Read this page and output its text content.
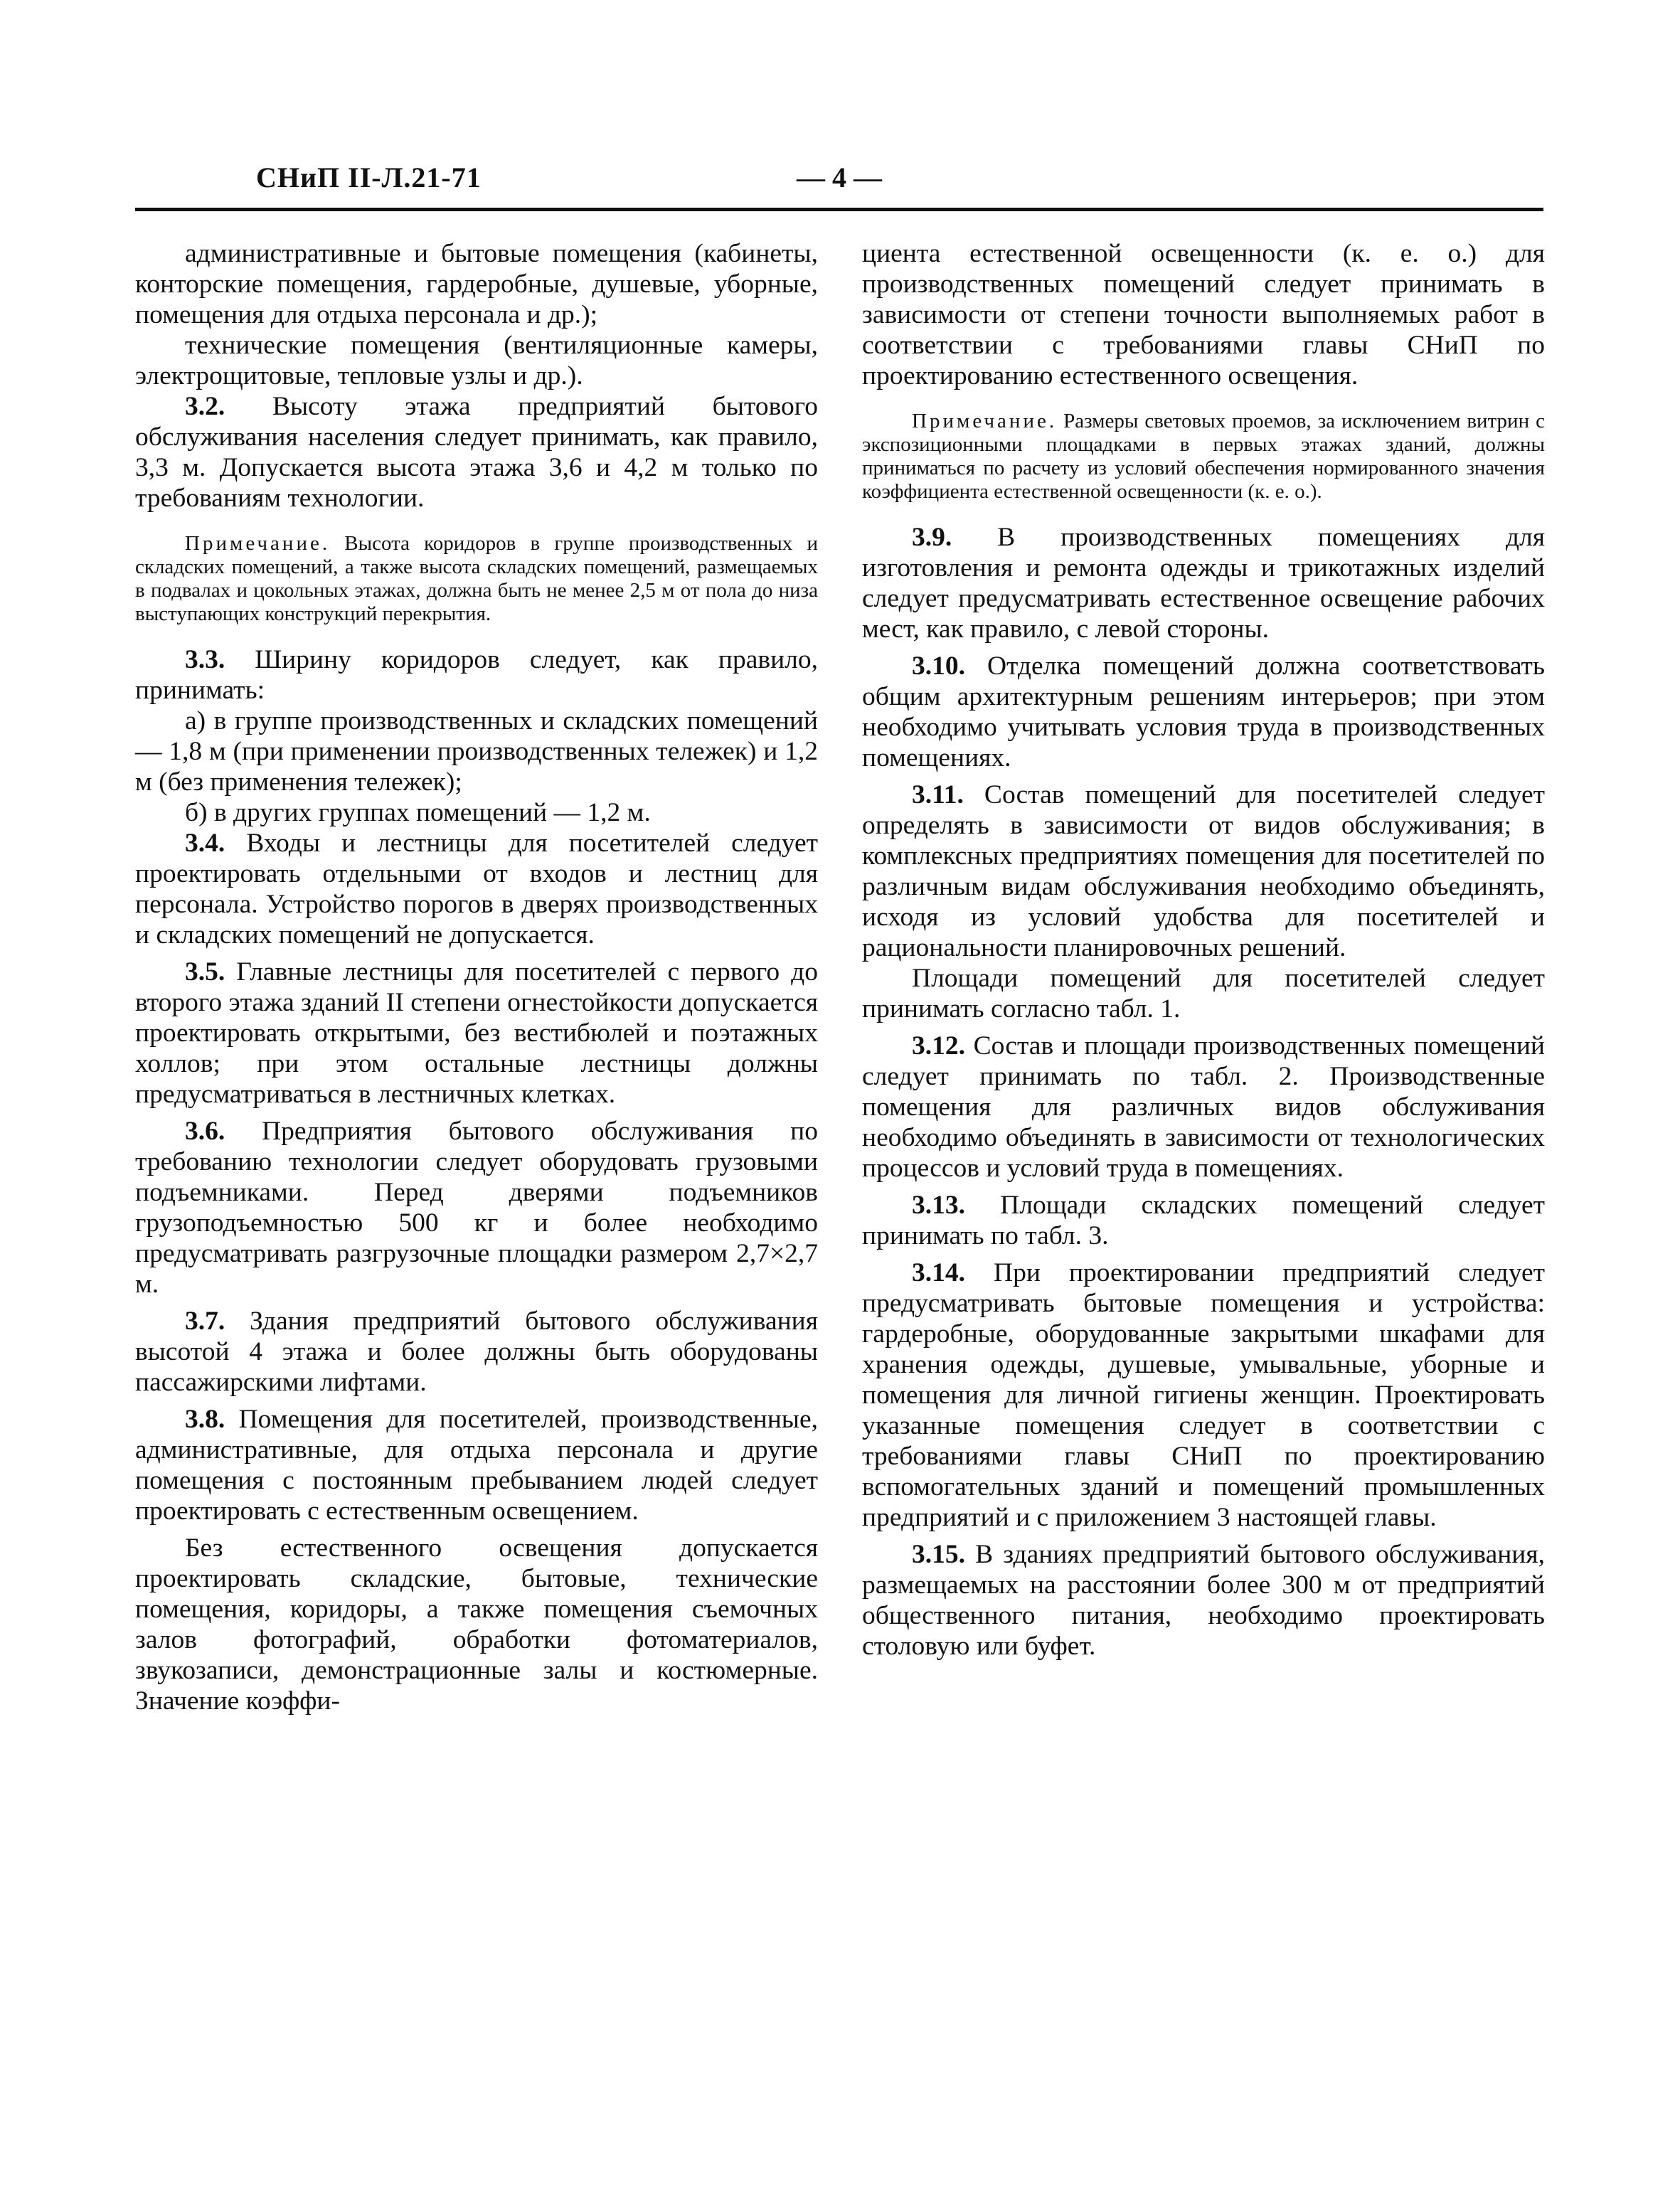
СНиП II-Л.21-71	— 4 —

административные и бытовые помещения (кабинеты, конторские помещения, гардеробные, душевые, уборные, помещения для отдыха персонала и др.);

технические помещения (вентиляционные камеры, электрощитовые, тепловые узлы и др.).

3.2. Высоту этажа предприятий бытового обслуживания населения следует принимать, как правило, 3,3 м. Допускается высота этажа 3,6 и 4,2 м только по требованиям технологии.

Примечание. Высота коридоров в группе производственных и складских помещений, а также высота складских помещений, размещаемых в подвалах и цокольных этажах, должна быть не менее 2,5 м от пола до низа выступающих конструкций перекрытия.

3.3. Ширину коридоров следует, как правило, принимать:

а) в группе производственных и складских помещений — 1,8 м (при применении производственных тележек) и 1,2 м (без применения тележек);

б) в других группах помещений — 1,2 м.

3.4. Входы и лестницы для посетителей следует проектировать отдельными от входов и лестниц для персонала. Устройство порогов в дверях производственных и складских помещений не допускается.

3.5. Главные лестницы для посетителей с первого до второго этажа зданий II степени огнестойкости допускается проектировать открытыми, без вестибюлей и поэтажных холлов; при этом остальные лестницы должны предусматриваться в лестничных клетках.

3.6. Предприятия бытового обслуживания по требованию технологии следует оборудовать грузовыми подъемниками. Перед дверями подъемников грузоподъемностью 500 кг и более необходимо предусматривать разгрузочные площадки размером 2,7×2,7 м.

3.7. Здания предприятий бытового обслуживания высотой 4 этажа и более должны быть оборудованы пассажирскими лифтами.

3.8. Помещения для посетителей, производственные, административные, для отдыха персонала и другие помещения с постоянным пребыванием людей следует проектировать с естественным освещением.

Без естественного освещения допускается проектировать складские, бытовые, технические помещения, коридоры, а также помещения съемочных залов фотографий, обработки фотоматериалов, звукозаписи, демонстрационные залы и костюмерные. Значение коэффи-

циента естественной освещенности (к. е. о.) для производственных помещений следует принимать в зависимости от степени точности выполняемых работ в соответствии с требованиями главы СНиП по проектированию естественного освещения.

Примечание. Размеры световых проемов, за исключением витрин с экспозиционными площадками в первых этажах зданий, должны приниматься по расчету из условий обеспечения нормированного значения коэффициента естественной освещенности (к. е. о.).

3.9. В производственных помещениях для изготовления и ремонта одежды и трикотажных изделий следует предусматривать естественное освещение рабочих мест, как правило, с левой стороны.

3.10. Отделка помещений должна соответствовать общим архитектурным решениям интерьеров; при этом необходимо учитывать условия труда в производственных помещениях.

3.11. Состав помещений для посетителей следует определять в зависимости от видов обслуживания; в комплексных предприятиях помещения для посетителей по различным видам обслуживания необходимо объединять, исходя из условий удобства для посетителей и рациональности планировочных решений.

Площади помещений для посетителей следует принимать согласно табл. 1.

3.12. Состав и площади производственных помещений следует принимать по табл. 2. Производственные помещения для различных видов обслуживания необходимо объединять в зависимости от технологических процессов и условий труда в помещениях.

3.13. Площади складских помещений следует принимать по табл. 3.

3.14. При проектировании предприятий следует предусматривать бытовые помещения и устройства: гардеробные, оборудованные закрытыми шкафами для хранения одежды, душевые, умывальные, уборные и помещения для личной гигиены женщин. Проектировать указанные помещения следует в соответствии с требованиями главы СНиП по проектированию вспомогательных зданий и помещений промышленных предприятий и с приложением 3 настоящей главы.

3.15. В зданиях предприятий бытового обслуживания, размещаемых на расстоянии более 300 м от предприятий общественного питания, необходимо проектировать столовую или буфет.
